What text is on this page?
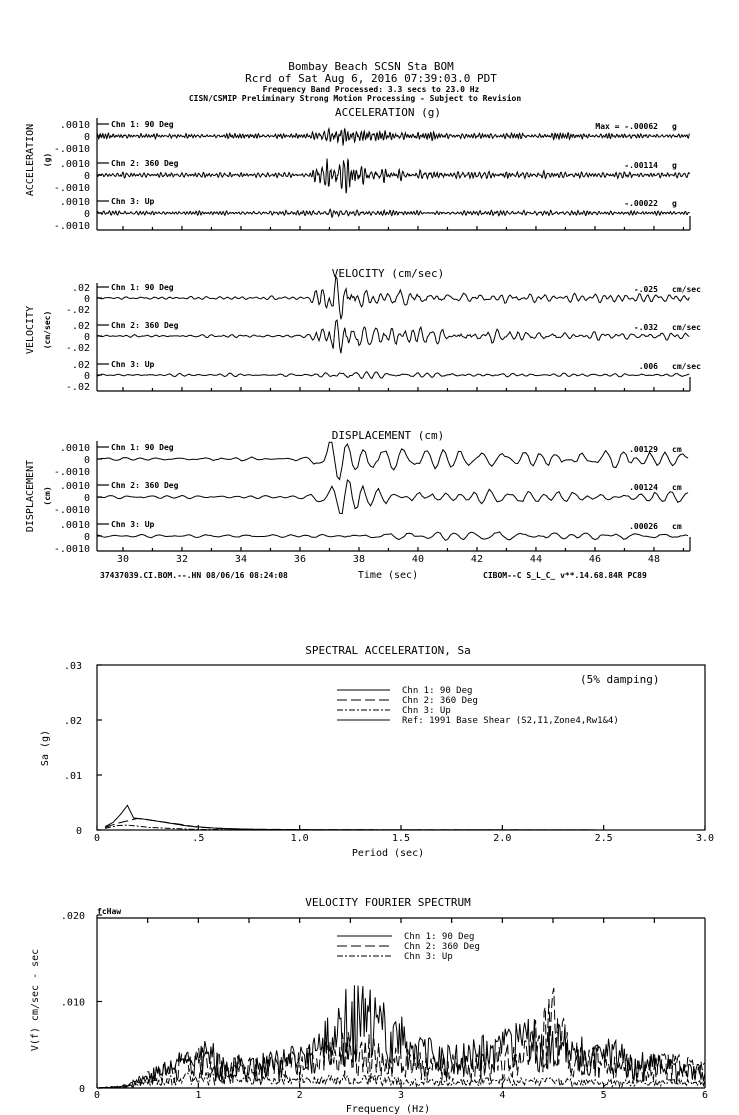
Bombay Beach SCSN Sta BOM
Rcrd of Sat Aug 6, 2016 07:39:03.0 PDT
Frequency Band Processed: 3.3 secs to 23.0 Hz
CISN/CSMIP Preliminary Strong Motion Processing - Subject to Revision
37437039.CI.BOM.--.HN 08/06/16 08:24:08	Time (sec)	CIBOM--C S_L_C_ v**.14.68.84R PC89
ACCELERATION (g)
ACCELERATION (g)
.0010
0
-.0010
Chn 1: 90 Deg	Max = -.00062 g
.0010
0
-.0010
Chn 2: 360 Deg	-.00114 g
.0010
0
-.0010
Chn 3: Up	-.00022 g
VELOCITY (cm/sec)
VELOCITY (cm/sec)
.02
0
-.02
Chn 1: 90 Deg	-.025 cm/sec
.02
0
-.02
Chn 2: 360 Deg	-.032 cm/sec
.02
0
-.02
Chn 3: Up	.006 cm/sec
DISPLACEMENT (cm)
DISPLACEMENT (cm)
30	32	34	36	38	40	42	44	46	48
.0010
0
-.0010
Chn 1: 90 Deg	.00129 cm
.0010
0
-.0010
Chn 2: 360 Deg	.00124 cm
.0010
0
-.0010
Chn 3: Up	.00026 cm
SPECTRAL ACCELERATION, Sa
(5% damping)
0
.01
.02
.03
0	.5	1.0	1.5	2.0	2.5	3.0
Sa (g)
Period (sec)
Chn 1: 90 Deg
Chn 2: 360 Deg
Chn 3: Up
Ref: 1991 Base Shear (S2,I1,Zone4,Rw1&4)
VELOCITY FOURIER SPECTRUM
fcHaw
0
.010
.020
0	1	2	3	4	5	6
V(f) cm/sec - sec
Frequency (Hz)
Chn 1: 90 Deg
Chn 2: 360 Deg
Chn 3: Up
